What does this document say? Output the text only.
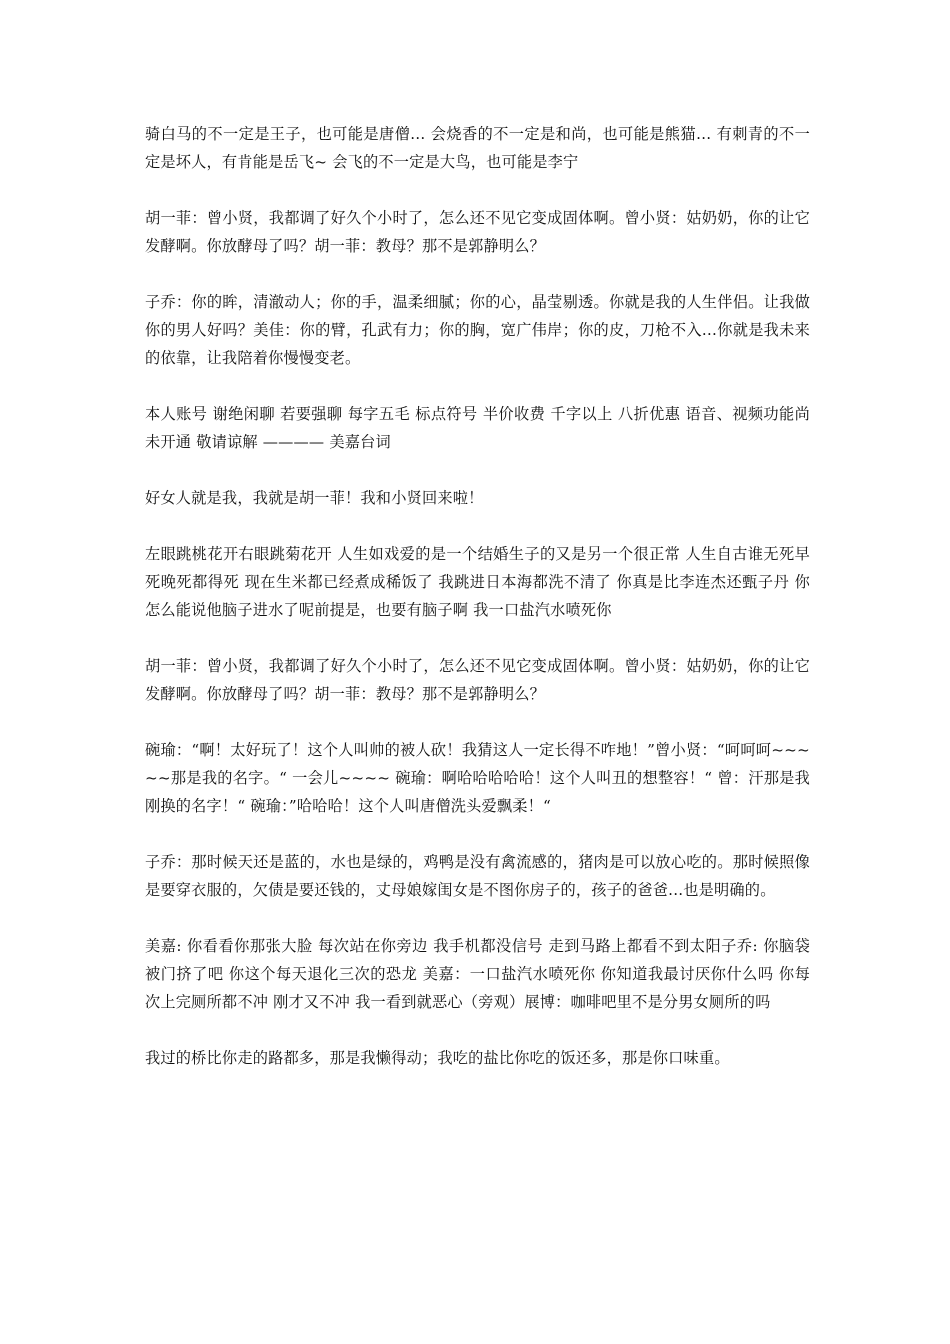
骑白马的不一定是王子，也可能是唐僧… 会烧香的不一定是和尚，也可能是熊猫… 有刺青的不一定是坏人，有肯能是岳飞~ 会飞的不一定是大鸟，也可能是李宁

胡一菲：曾小贤，我都调了好久个小时了，怎么还不见它变成固体啊。曾小贤：姑奶奶，你的让它发酵啊。你放酵母了吗？胡一菲：教母？那不是郭静明么？

子乔：你的眸，清澈动人；你的手，温柔细腻；你的心，晶莹剔透。你就是我的人生伴侣。让我做你的男人好吗？美佳：你的臂，孔武有力；你的胸，宽广伟岸；你的皮，刀枪不入…你就是我未来的依靠，让我陪着你慢慢变老。

本人账号 谢绝闲聊 若要强聊 每字五毛 标点符号 半价收费 千字以上 八折优惠 语音、视频功能尚未开通 敬请谅解 ———— 美嘉台词

好女人就是我，我就是胡一菲！我和小贤回来啦！

左眼跳桃花开右眼跳菊花开 人生如戏爱的是一个结婚生子的又是另一个很正常 人生自古谁无死早死晚死都得死 现在生米都已经煮成稀饭了 我跳进日本海都洗不清了 你真是比李连杰还甄子丹 你怎么能说他脑子进水了呢前提是，也要有脑子啊 我一口盐汽水喷死你

胡一菲：曾小贤，我都调了好久个小时了，怎么还不见它变成固体啊。曾小贤：姑奶奶，你的让它发酵啊。你放酵母了吗？胡一菲：教母？那不是郭静明么？

碗瑜：“啊！太好玩了！这个人叫帅的被人砍！我猜这人一定长得不咋地！”曾小贤：“呵呵呵~~~~~那是我的名字。“ 一会儿~~~~ 碗瑜：啊哈哈哈哈哈！这个人叫丑的想整容！“ 曾：汗那是我刚换的名字！“ 碗瑜：”哈哈哈！这个人叫唐僧洗头爱飘柔！“

子乔：那时候天还是蓝的，水也是绿的，鸡鸭是没有禽流感的，猪肉是可以放心吃的。那时候照像是要穿衣服的，欠债是要还钱的，丈母娘嫁闺女是不图你房子的，孩子的爸爸...也是明确的。

美嘉: 你看看你那张大脸 每次站在你旁边 我手机都没信号 走到马路上都看不到太阳子乔: 你脑袋被门挤了吧 你这个每天退化三次的恐龙 美嘉：一口盐汽水喷死你 你知道我最讨厌你什么吗 你每次上完厕所都不冲 刚才又不冲 我一看到就恶心（旁观）展博：咖啡吧里不是分男女厕所的吗

我过的桥比你走的路都多，那是我懒得动；我吃的盐比你吃的饭还多，那是你口味重。
